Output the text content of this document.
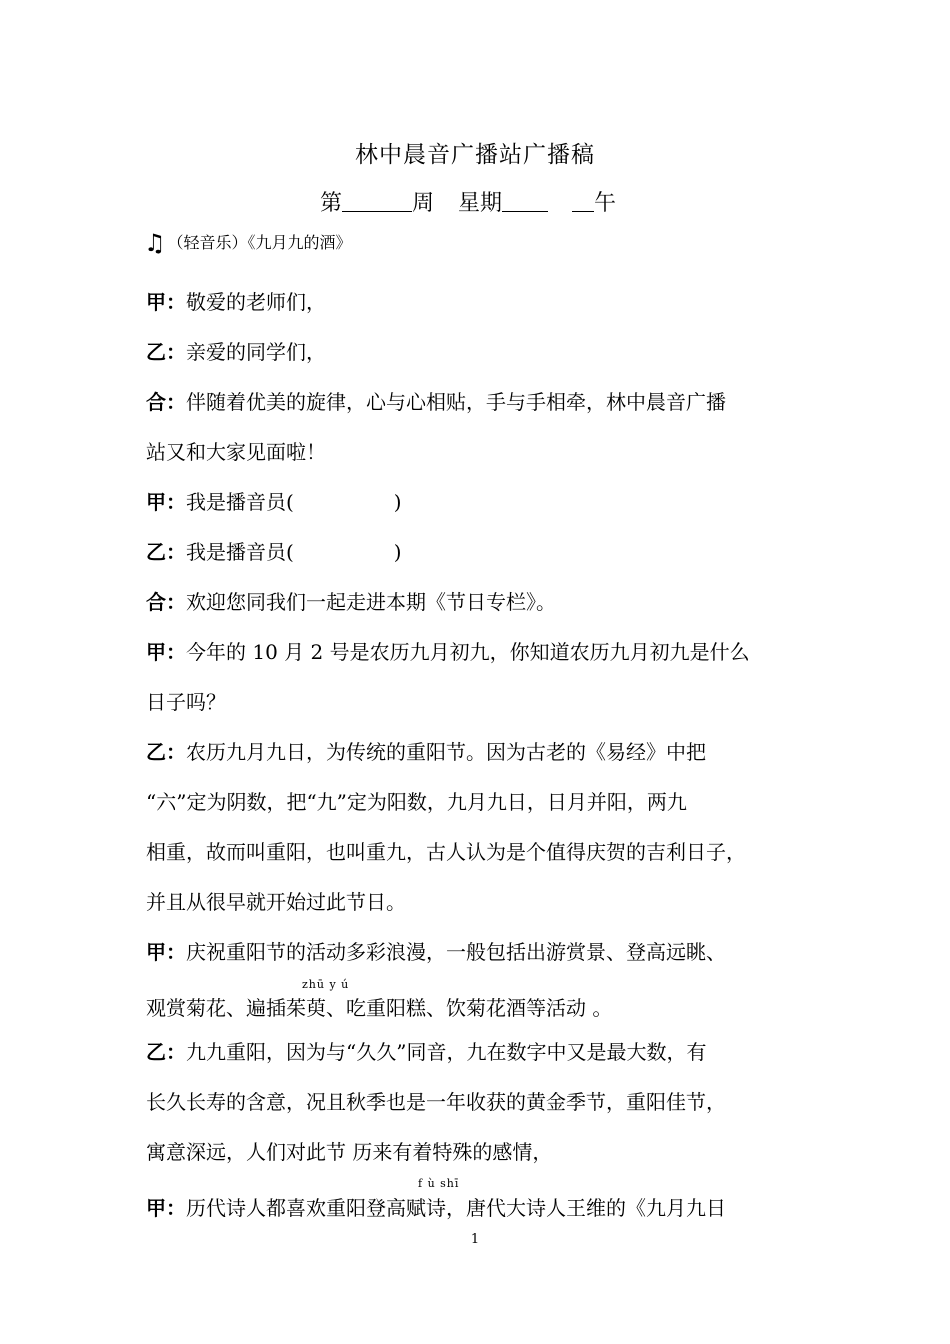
林中晨音广播站广播稿
第	周 星期	午
♫ （轻音乐）《九月九的酒》
甲：敬爱的老师们，
乙：亲爱的同学们，
合：伴随着优美的旋律，心与心相贴，手与手相牵，林中晨音广播
站又和大家见面啦！
甲：我是播音员(　　　　　)
乙：我是播音员(　　　　　)
合：欢迎您同我们一起走进本期《节日专栏》。
甲：今年的 10 月 2 号是农历九月初九，你知道农历九月初九是什么
日子吗？
乙：农历九月九日，为传统的重阳节。因为古老的《易经》中把
“六”定为阴数，把“九”定为阳数，九月九日，日月并阳，两九
相重，故而叫重阳，也叫重九，古人认为是个值得庆贺的吉利日子，
并且从很早就开始过此节日。
甲：庆祝重阳节的活动多彩浪漫，一般包括出游赏景、登高远眺、
zhū y ú
观赏菊花、遍插茱萸、吃重阳糕、饮菊花酒等活动 。
乙：九九重阳，因为与“久久”同音，九在数字中又是最大数，有
长久长寿的含意，况且秋季也是一年收获的黄金季节，重阳佳节，
寓意深远，人们对此节 历来有着特殊的感情，
f ù shī
甲：历代诗人都喜欢重阳登高赋诗，唐代大诗人王维的《九月九日
1
